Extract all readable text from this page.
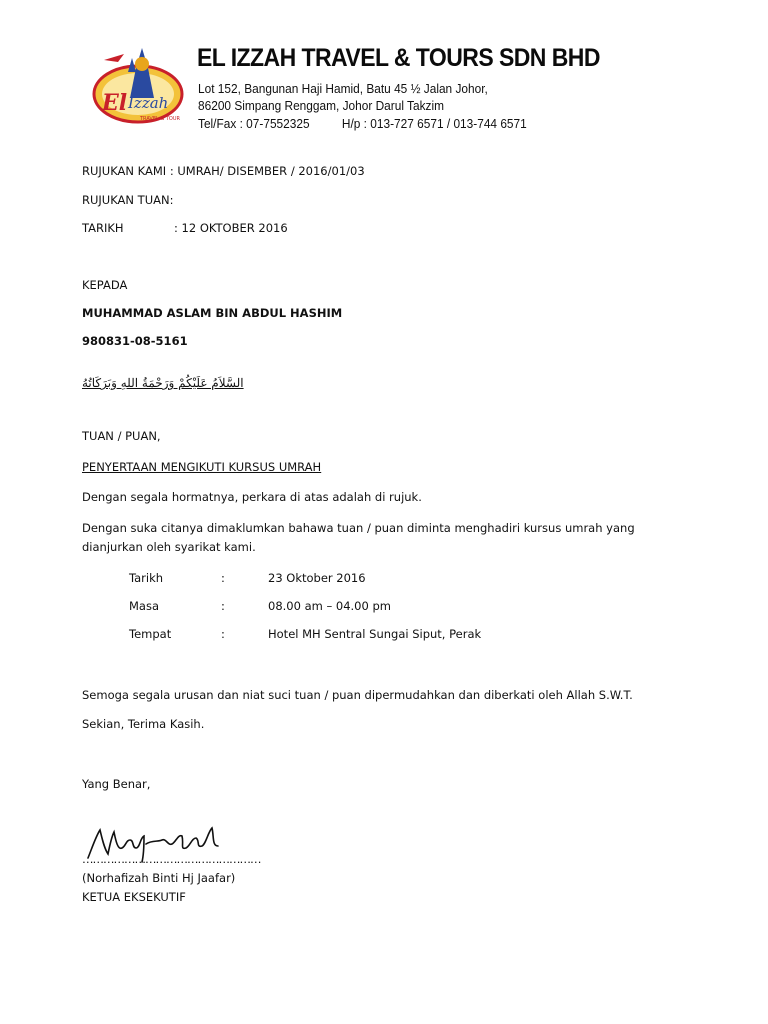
El Izzah
TRAVEL & TOUR
EL IZZAH TRAVEL & TOURS SDN BHD
Lot 152, Bangunan Haji Hamid, Batu 45 ½ Jalan Johor,
86200 Simpang Renggam, Johor Darul Takzim
Tel/Fax : 07-7552325	H/p : 013-727 6571 / 013-744 6571
RUJUKAN KAMI : UMRAH/ DISEMBER / 2016/01/03
RUJUKAN TUAN:
TARIKH	: 12 OKTOBER 2016
KEPADA
MUHAMMAD ASLAM BIN ABDUL HASHIM
980831-08-5161
السَّلاَمُ عَلَيْكُمْ وَرَحْمَةُ اللهِ وَبَرَكَاتُهُ
TUAN / PUAN,
PENYERTAAN MENGIKUTI KURSUS UMRAH
Dengan segala hormatnya, perkara di atas adalah di rujuk.
Dengan suka citanya dimaklumkan bahawa tuan / puan diminta menghadiri kursus umrah yang
dianjurkan oleh syarikat kami.
Tarikh	:	23 Oktober 2016
Masa	:	08.00 am – 04.00 pm
Tempat	:	Hotel MH Sentral Sungai Siput, Perak
Semoga segala urusan dan niat suci tuan / puan dipermudahkan dan diberkati oleh Allah S.W.T.
Sekian, Terima Kasih.
Yang Benar,
……………………………………………
(Norhafizah Binti Hj Jaafar)
KETUA EKSEKUTIF
